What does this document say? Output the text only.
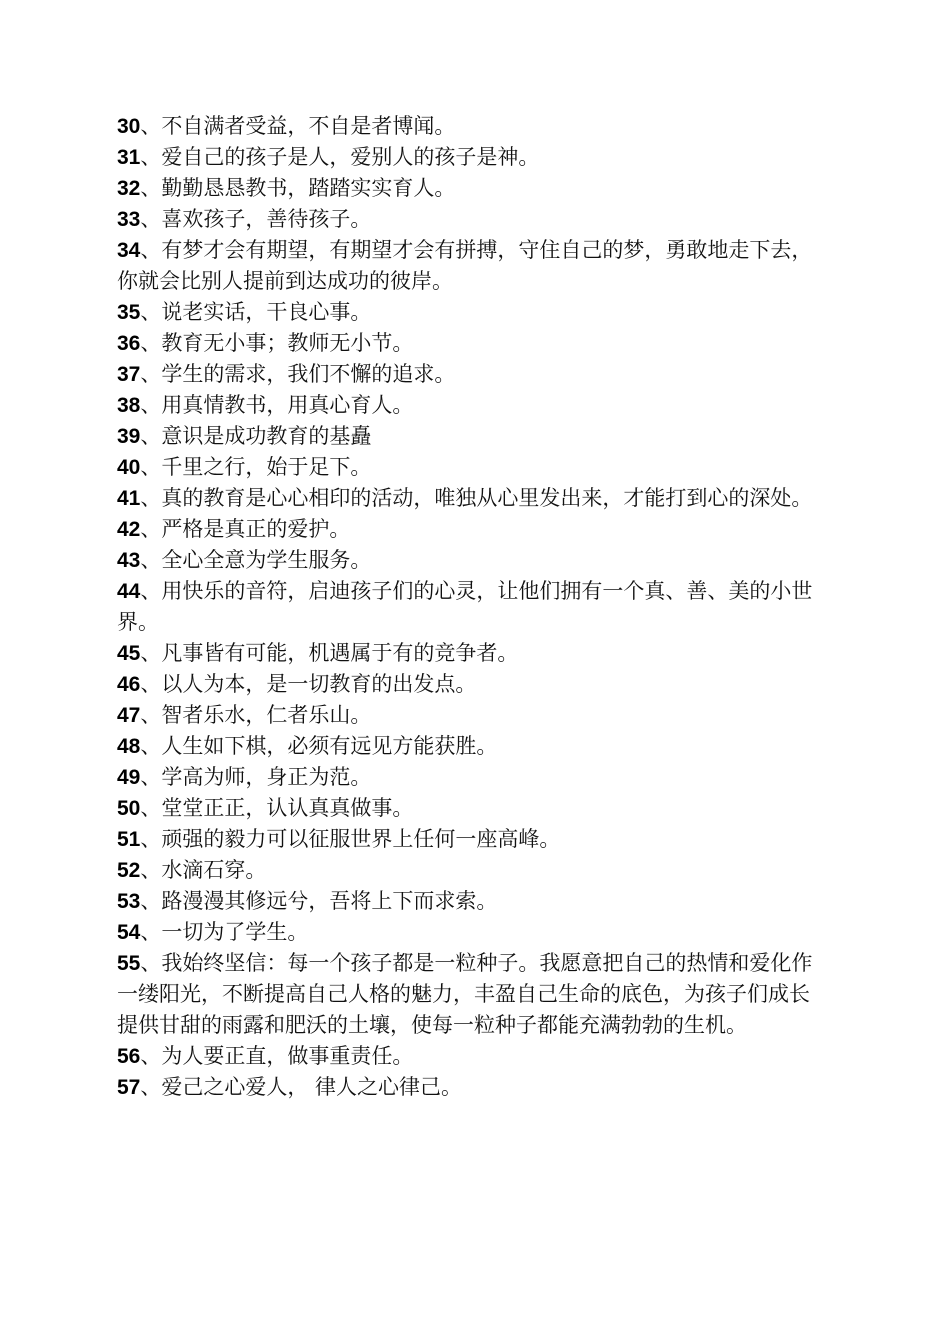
30、不自满者受益，不自是者博闻。
31、爱自己的孩子是人，爱别人的孩子是神。
32、勤勤恳恳教书，踏踏实实育人。
33、喜欢孩子，善待孩子。
34、有梦才会有期望，有期望才会有拼搏，守住自己的梦，勇敢地走下去，你就会比别人提前到达成功的彼岸。
35、说老实话，干良心事。
36、教育无小事；教师无小节。
37、学生的需求，我们不懈的追求。
38、用真情教书，用真心育人。
39、意识是成功教育的基矗
40、千里之行，始于足下。
41、真的教育是心心相印的活动，唯独从心里发出来，才能打到心的深处。
42、严格是真正的爱护。
43、全心全意为学生服务。
44、用快乐的音符，启迪孩子们的心灵，让他们拥有一个真、善、美的小世界。
45、凡事皆有可能，机遇属于有的竞争者。
46、以人为本，是一切教育的出发点。
47、智者乐水，仁者乐山。
48、人生如下棋，必须有远见方能获胜。
49、学高为师，身正为范。
50、堂堂正正，认认真真做事。
51、顽强的毅力可以征服世界上任何一座高峰。
52、水滴石穿。
53、路漫漫其修远兮，吾将上下而求索。
54、一切为了学生。
55、我始终坚信：每一个孩子都是一粒种子。我愿意把自己的热情和爱化作一缕阳光，不断提高自己人格的魅力，丰盈自己生命的底色，为孩子们成长提供甘甜的雨露和肥沃的土壤，使每一粒种子都能充满勃勃的生机。
56、为人要正直，做事重责任。
57、爱己之心爱人， 律人之心律己。
